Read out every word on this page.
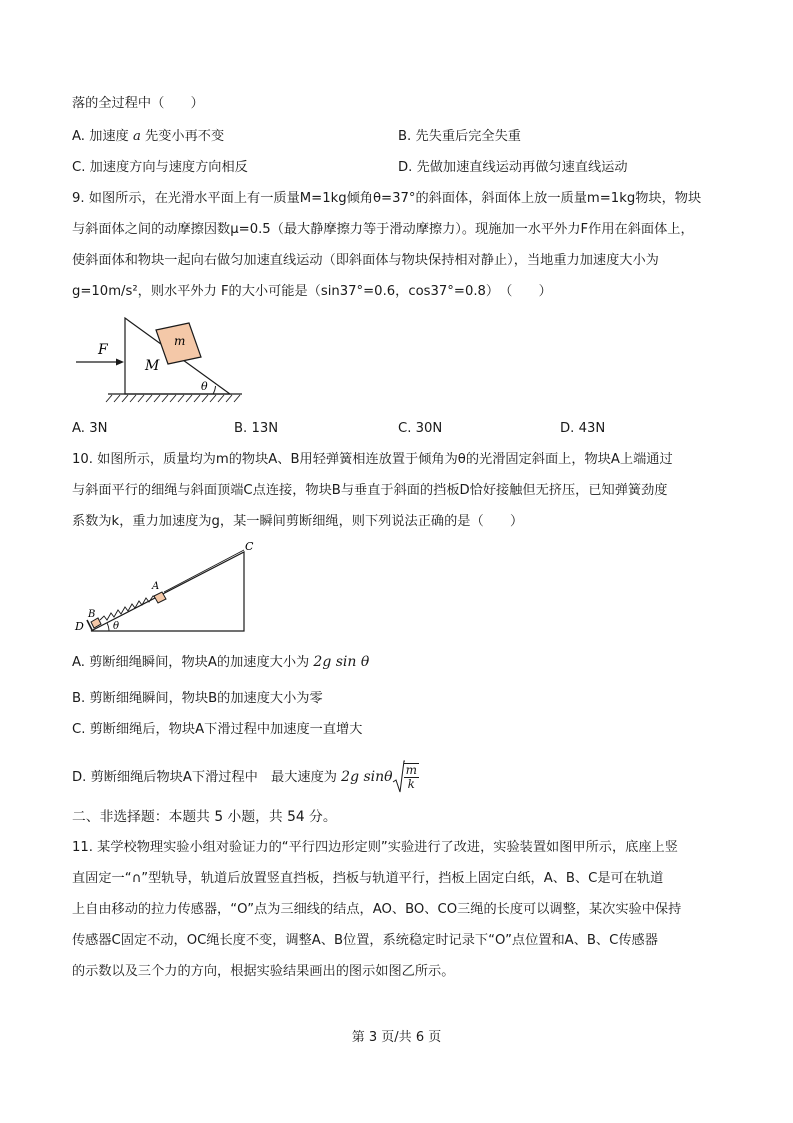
落的全过程中（　　）
A. 加速度 a 先变小再不变	B. 先失重后完全失重
C. 加速度方向与速度方向相反	D. 先做加速直线运动再做匀速直线运动
9. 如图所示，在光滑水平面上有一质量M=1kg倾角θ=37°的斜面体，斜面体上放一质量m=1kg物块，物块
与斜面体之间的动摩擦因数μ=0.5（最大静摩擦力等于滑动摩擦力）。现施加一水平外力F作用在斜面体上，
使斜面体和物块一起向右做匀加速直线运动（即斜面体与物块保持相对静止），当地重力加速度大小为
g=10m/s²，则水平外力 F的大小可能是（sin37°=0.6，cos37°=0.8）　（　　）
F
M
m
θ
A. 3N	B. 13N	C. 30N	D. 43N
10. 如图所示，质量均为m的物块A、B用轻弹簧相连放置于倾角为θ的光滑固定斜面上，物块A上端通过
与斜面平行的细绳与斜面顶端C点连接，物块B与垂直于斜面的挡板D恰好接触但无挤压，已知弹簧劲度
系数为k，重力加速度为g，某一瞬间剪断细绳，则下列说法正确的是（　　）
C
D
B
A
θ
A. 剪断细绳瞬间，物块A的加速度大小为 2g sin θ
B. 剪断细绳瞬间，物块B的加速度大小为零
C. 剪断细绳后，物块A下滑过程中加速度一直增大
D. 剪断细绳后物块A下滑过程中　最大速度为 2g sinθ $\frac{m}{k}$
二、非选择题：本题共 5 小题，共 54 分。
11. 某学校物理实验小组对验证力的“平行四边形定则”实验进行了改进，实验装置如图甲所示，底座上竖
直固定一“∩”型轨导，轨道后放置竖直挡板，挡板与轨道平行，挡板上固定白纸，A、B、C是可在轨道
上自由移动的拉力传感器，“O”点为三细线的结点，AO、BO、CO三绳的长度可以调整，某次实验中保持
传感器C固定不动，OC绳长度不变，调整A、B位置，系统稳定时记录下“O”点位置和A、B、C传感器
的示数以及三个力的方向，根据实验结果画出的图示如图乙所示。
第 3 页/共 6 页
